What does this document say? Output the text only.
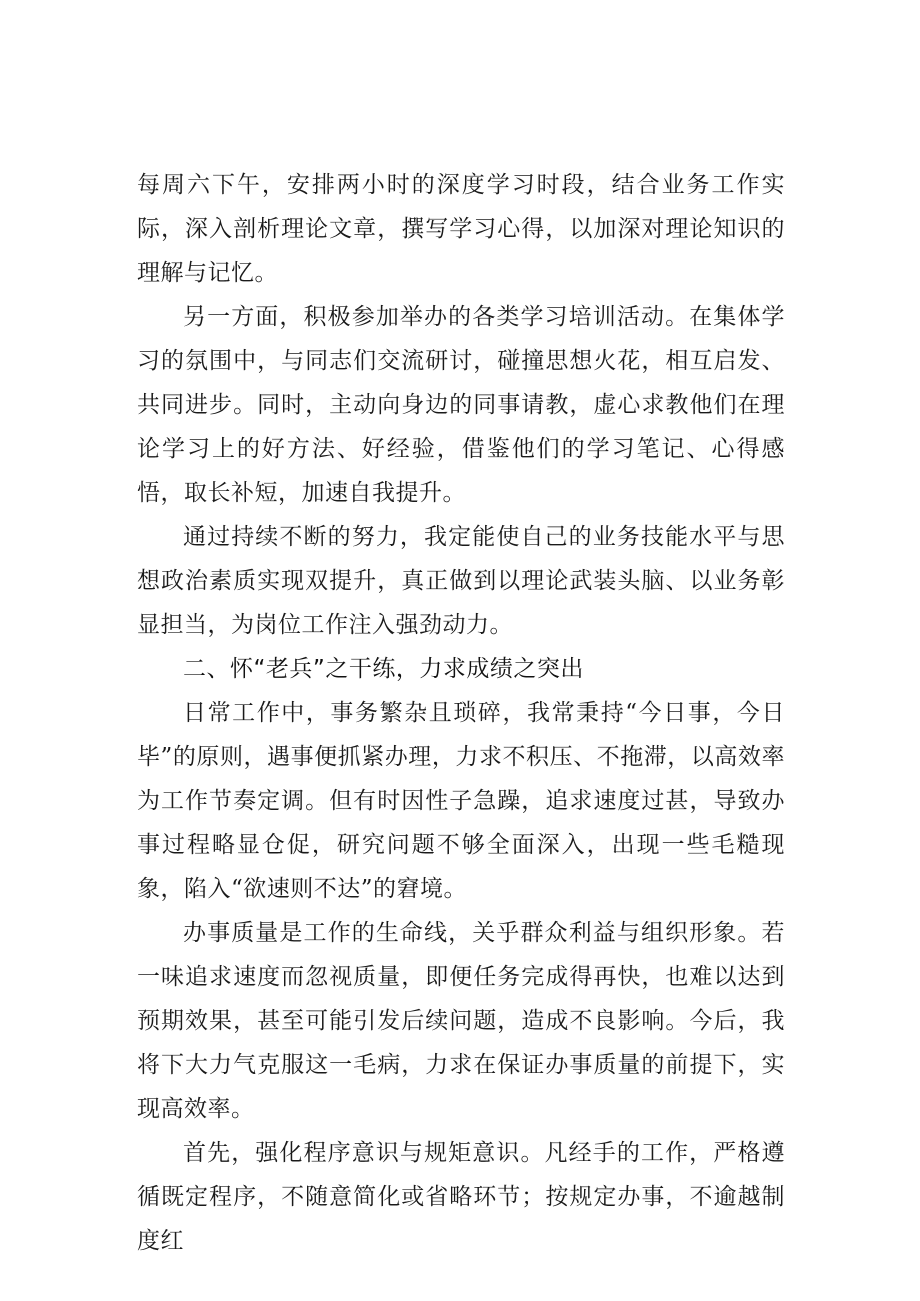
每周六下午，安排两小时的深度学习时段，结合业务工作实际，深入剖析理论文章，撰写学习心得，以加深对理论知识的理解与记忆。

另一方面，积极参加举办的各类学习培训活动。在集体学习的氛围中，与同志们交流研讨，碰撞思想火花，相互启发、共同进步。同时，主动向身边的同事请教，虚心求教他们在理论学习上的好方法、好经验，借鉴他们的学习笔记、心得感悟，取长补短，加速自我提升。

通过持续不断的努力，我定能使自己的业务技能水平与思想政治素质实现双提升，真正做到以理论武装头脑、以业务彰显担当，为岗位工作注入强劲动力。

二、怀“老兵”之干练，力求成绩之突出

日常工作中，事务繁杂且琐碎，我常秉持“今日事，今日毕”的原则，遇事便抓紧办理，力求不积压、不拖滞，以高效率为工作节奏定调。但有时因性子急躁，追求速度过甚，导致办事过程略显仓促，研究问题不够全面深入，出现一些毛糙现象，陷入“欲速则不达”的窘境。

办事质量是工作的生命线，关乎群众利益与组织形象。若一味追求速度而忽视质量，即便任务完成得再快，也难以达到预期效果，甚至可能引发后续问题，造成不良影响。今后，我将下大力气克服这一毛病，力求在保证办事质量的前提下，实现高效率。

首先，强化程序意识与规矩意识。凡经手的工作，严格遵循既定程序，不随意简化或省略环节；按规定办事，不逾越制度红
